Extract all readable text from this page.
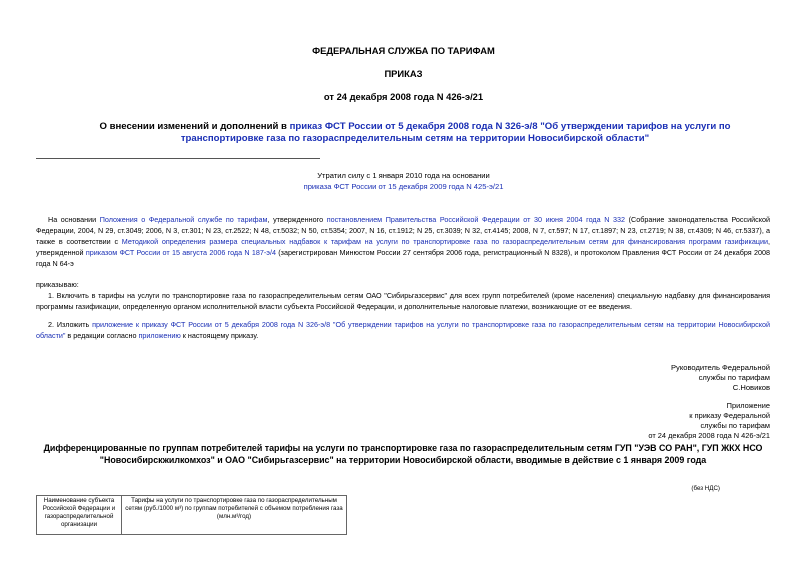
ФЕДЕРАЛЬНАЯ СЛУЖБА ПО ТАРИФАМ
ПРИКАЗ
от 24 декабря 2008 года N 426-э/21
О внесении изменений и дополнений в приказ ФСТ России от 5 декабря 2008 года N 326-э/8 "Об утверждении тарифов на услуги по транспортировке газа по газораспределительным сетям на территории Новосибирской области"
Утратил силу с 1 января 2010 года на основании
приказа ФСТ России от 15 декабря 2009 года N 425-э/21
На основании Положения о Федеральной службе по тарифам, утвержденного постановлением Правительства Российской Федерации от 30 июня 2004 года N 332 (Собрание законодательства Российской Федерации, 2004, N 29, ст.3049; 2006, N 3, ст.301; N 23, ст.2522; N 48, ст.5032; N 50, ст.5354; 2007, N 16, ст.1912; N 25, ст.3039; N 32, ст.4145; 2008, N 7, ст.597; N 17, ст.1897; N 23, ст.2719; N 38, ст.4309; N 46, ст.5337), а также в соответствии с Методикой определения размера специальных надбавок к тарифам на услуги по транспортировке газа по газораспределительным сетям для финансирования программ газификации, утвержденной приказом ФСТ России от 15 августа 2006 года N 187-э/4 (зарегистрирован Минюстом России 27 сентября 2006 года, регистрационный N 8328), и протоколом Правления ФСТ России от 24 декабря 2008 года N 64-э
приказываю:
1. Включить в тарифы на услуги по транспортировке газа по газораспределительным сетям ОАО "Сибирьгазсервис" для всех групп потребителей (кроме населения) специальную надбавку для финансирования программы газификации, определенную органом исполнительной власти субъекта Российской Федерации, и дополнительные налоговые платежи, возникающие от ее введения.
2. Изложить приложение к приказу ФСТ России от 5 декабря 2008 года N 326-э/8 "Об утверждении тарифов на услуги по транспортировке газа по газораспределительным сетям на территории Новосибирской области" в редакции согласно приложению к настоящему приказу.
Руководитель Федеральной
службы по тарифам
С.Новиков
Приложение
к приказу Федеральной
службы по тарифам
от 24 декабря 2008 года N 426-э/21
Дифференцированные по группам потребителей тарифы на услуги по транспортировке газа по газораспределительным сетям ГУП "УЭВ СО РАН", ГУП ЖКХ НСО "Новосибирскжилкомхоз" и ОАО "Сибирьгазсервис" на территории Новосибирской области, вводимые в действие с 1 января 2009 года
(без НДС)
Наименование субъекта Российской Федерации и газораспределительной организации	Тарифы на услуги по транспортировке газа по газораспределительным сетям (руб./1000 м³) по группам потребителей с объемом потребления газа (млн.м³/год)
